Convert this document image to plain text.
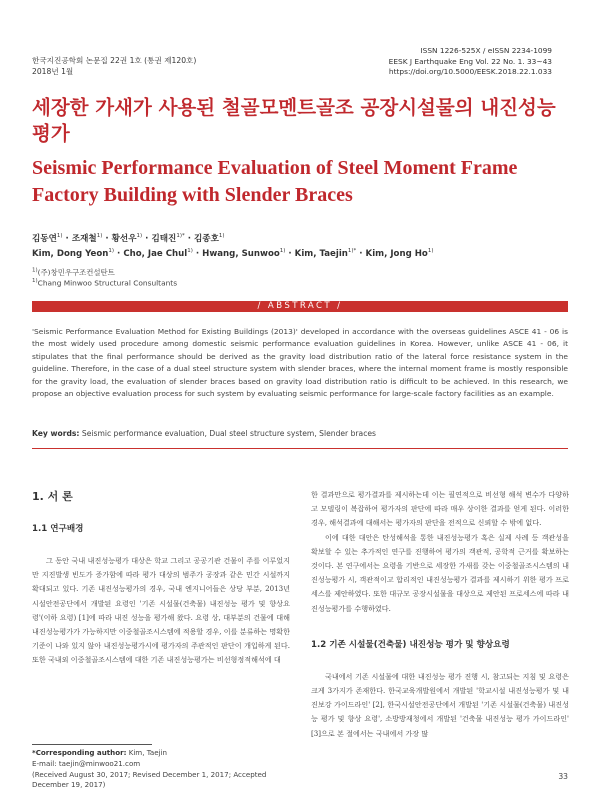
한국지진공학회 논문집 22권 1호 (통권 제120호)
2018년 1월
ISSN 1226-525X / eISSN 2234-1099
EESK J Earthquake Eng Vol. 22 No. 1. 33~43
https://doi.org/10.5000/EESK.2018.22.1.033
세장한 가새가 사용된 철골모멘트골조 공장시설물의 내진성능평가
Seismic Performance Evaluation of Steel Moment Frame Factory Building with Slender Braces
김동연$^{1)}$ · 조재철$^{1)}$ · 황선우$^{1)}$ · 김태진$^{1)*}$ · 김종호$^{1)}$
Kim, Dong Yeon$^{1)}$ · Cho, Jae Chul$^{1)}$ · Hwang, Sunwoo$^{1)}$ · Kim, Taejin$^{1)*}$ · Kim, Jong Ho$^{1)}$
$^{1)}$(주)창민우구조컨설탄트
$^{1)}$Chang Minwoo Structural Consultants
/ ABSTRACT /

'Seismic Performance Evaluation Method for Existing Buildings (2013)' developed in accordance with the overseas guidelines ASCE 41 - 06 is the most widely used procedure among domestic seismic performance evaluation guidelines in Korea. However, unlike ASCE 41 - 06, it stipulates that the final performance should be derived as the gravity load distribution ratio of the lateral force resistance system in the guideline. Therefore, in the case of a dual steel structure system with slender braces, where the internal moment frame is mostly responsible for the gravity load, the evaluation of slender braces based on gravity load distribution ratio is difficult to be achieved. In this research, we propose an objective evaluation process for such system by evaluating seismic performance for large-scale factory facilities as an example.

Key words: Seismic performance evaluation, Dual steel structure system, Slender braces
1. 서 론
1.1 연구배경

그 동안 국내 내진성능평가 대상은 학교 그리고 공공기관 건물이 주를 이루었지만 지진발생 빈도가 증가함에 따라 평가 대상의 범주가 공장과 같은 민간 시설까지 확대되고 있다. 기존 내진성능평가의 경우, 국내 엔지니어들은 상당 부분, 2013년 시설안전공단에서 개발된 요령인 '기존 시설물(건축물) 내진성능 평가 및 향상요령'(이하 요령) [1]에 따라 내진 성능을 평가해 왔다. 요령 상, 대부분의 건물에 대해 내진성능평가가 가능하지만 이중철골조시스템에 적용할 경우, 이를 분류하는 명확한 기준이 나와 있지 않아 내진성능평가시에 평가자의 주관적인 판단이 개입하게 된다. 또한 국내외 이중철골조시스템에 대한 기존 내진성능평가는 비선형정적해석에 대

한 결과만으로 평가결과를 제시하는데 이는 필연적으로 비선형 해석 변수가 다양하고 모델링이 복잡하여 평가자의 판단에 따라 매우 상이한 결과를 얻게 된다. 이러한 경우, 해석결과에 대해서는 평가자의 판단을 전적으로 신뢰할 수 밖에 없다.

이에 대한 대안은 탄성해석을 통한 내진성능평가 혹은 실제 사례 등 객관성을 확보할 수 있는 추가적인 연구를 진행하여 평가의 객관적, 공학적 근거를 확보하는 것이다. 본 연구에서는 요령을 기반으로 세장한 가새를 갖는 이중철골조시스템의 내진성능평가 시, 객관적이고 합리적인 내진성능평가 결과를 제시하기 위한 평가 프로세스를 제안하였다. 또한 대규모 공장시설물을 대상으로 제안된 프로세스에 따라 내진성능평가를 수행하였다.

1.2 기존 시설물(건축물) 내진성능 평가 및 향상요령

국내에서 기존 시설물에 대한 내진성능 평가 진행 시, 참고되는 지침 및 요령은 크게 3가지가 존재한다. 한국교육개발원에서 개발된 '학교시설 내진성능평가 및 내진보강 가이드라인' [2], 한국시설안전공단에서 개발된 '기존 시설물(건축물) 내진성능 평가 및 향상 요령', 소방방재청에서 개발된 '건축물 내진성능 평가 가이드라인' [3]으로 본 절에서는 국내에서 가장 많

*Corresponding author: Kim, Taejin
E-mail: taejin@minwoo21.com
(Received August 30, 2017; Revised December 1, 2017; Accepted December 19, 2017)
33
